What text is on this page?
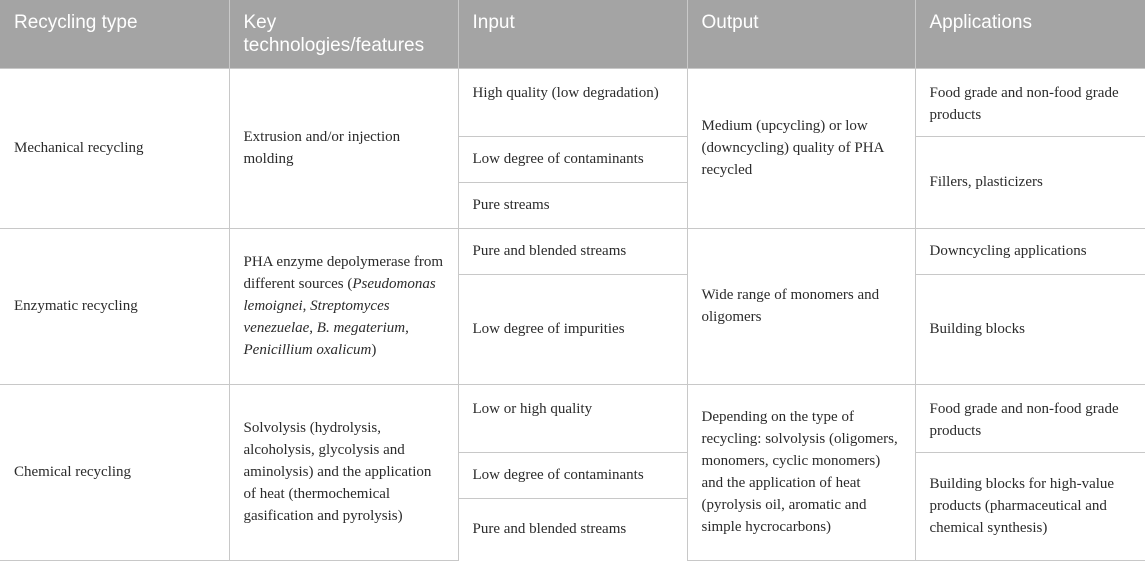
Recycling type	Key technologies/features	Input	Output	Applications
Mechanical recycling	Extrusion and/or injection molding	High quality (low degradation)	Medium (upcycling) or low (downcycling) quality of PHA recycled	Food grade and non-food grade products
		Low degree of contaminants		Fillers, plasticizers
		Pure streams		
Enzymatic recycling	PHA enzyme depolymerase from different sources (Pseudomonas lemoignei, Streptomyces venezuelae, B. megaterium, Penicillium oxalicum)	Pure and blended streams	Wide range of monomers and oligomers	Downcycling applications
		Low degree of impurities		Building blocks
Chemical recycling	Solvolysis (hydrolysis, alcoholysis, glycolysis and aminolysis) and the application of heat (thermochemical gasification and pyrolysis)	Low or high quality	Depending on the type of recycling: solvolysis (oligomers, monomers, cyclic monomers) and the application of heat (pyrolysis oil, aromatic and simple hycrocarbons)	Food grade and non-food grade products
		Low degree of contaminants		Building blocks for high-value products (pharmaceutical and chemical synthesis)
		Pure and blended streams		
